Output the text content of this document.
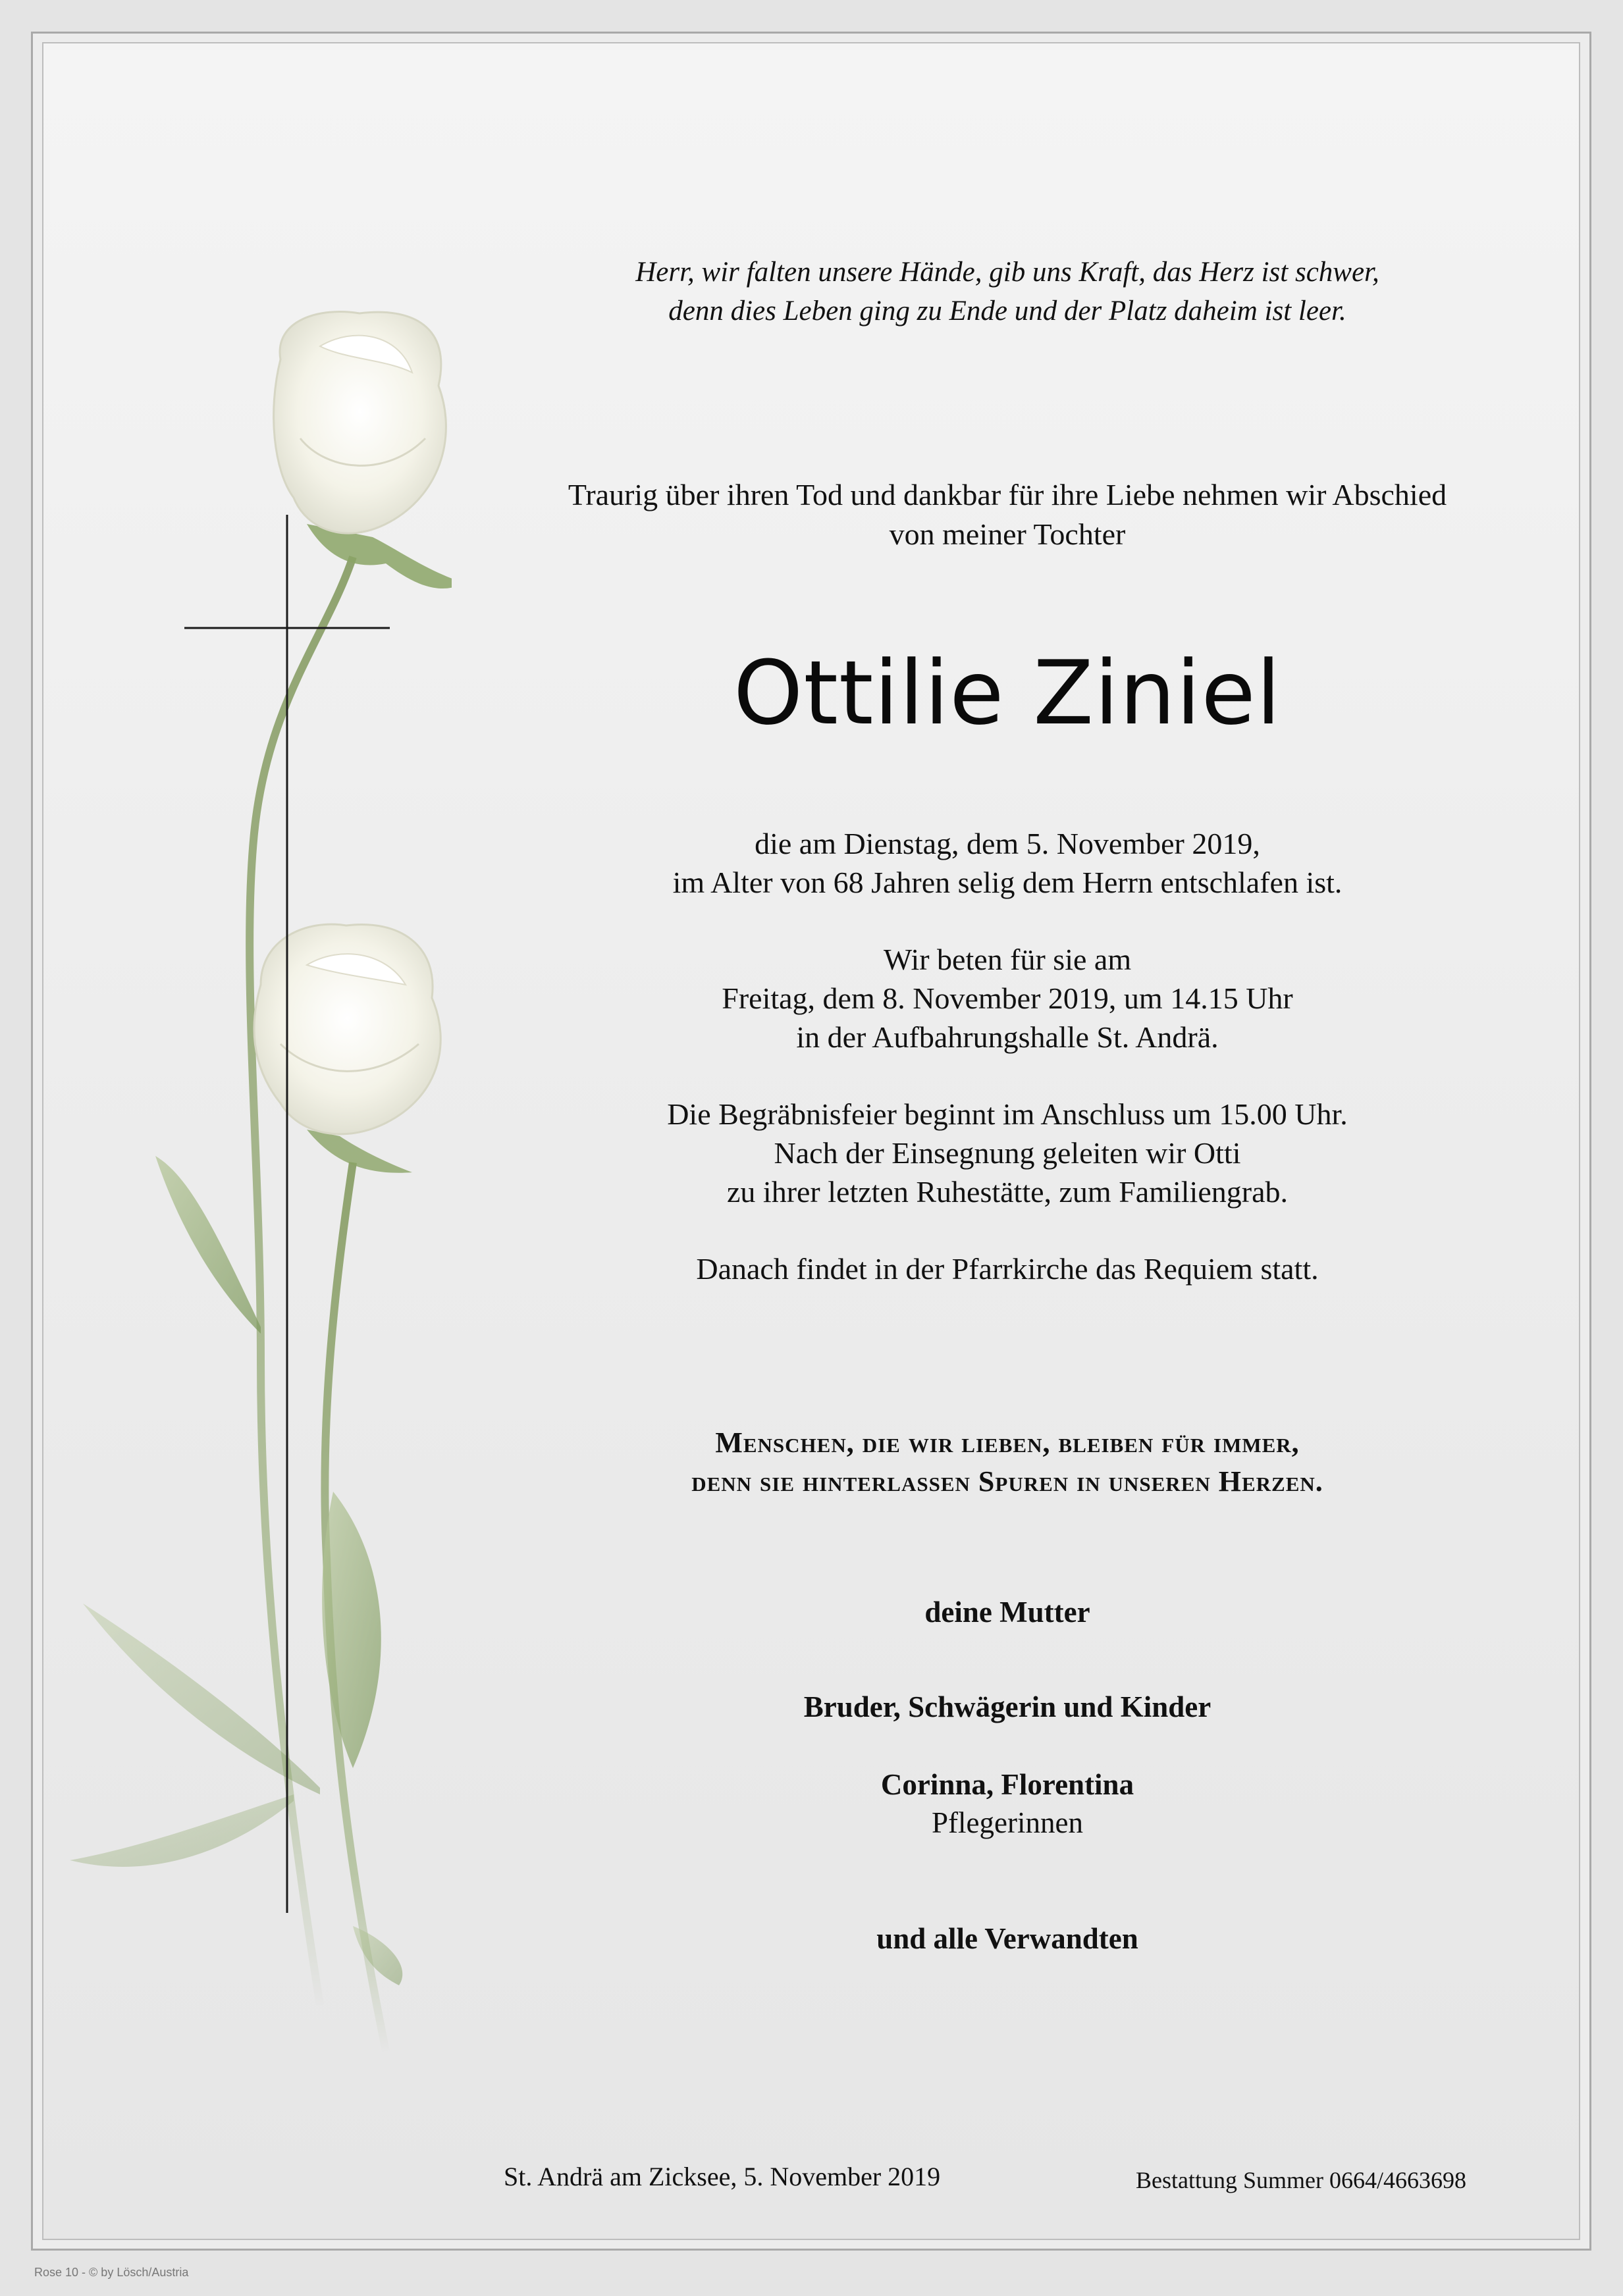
Herr, wir falten unsere Hände, gib uns Kraft, das Herz ist schwer,
denn dies Leben ging zu Ende und der Platz daheim ist leer.
Traurig über ihren Tod und dankbar für ihre Liebe nehmen wir Abschied
von meiner Tochter
Ottilie Ziniel
die am Dienstag, dem 5. November 2019,
im Alter von 68 Jahren selig dem Herrn entschlafen ist.
Wir beten für sie am
Freitag, dem 8. November 2019, um 14.15 Uhr
in der Aufbahrungshalle St. Andrä.
Die Begräbnisfeier beginnt im Anschluss um 15.00 Uhr.
Nach der Einsegnung geleiten wir Otti
zu ihrer letzten Ruhestätte, zum Familiengrab.
Danach findet in der Pfarrkirche das Requiem statt.
Menschen, die wir lieben, bleiben für immer,
denn sie hinterlassen Spuren in unseren Herzen.
deine Mutter
Bruder, Schwägerin und Kinder
Corinna, Florentina
Pflegerinnen
und alle Verwandten
St. Andrä am Zicksee, 5. November 2019	Bestattung Summer 0664/4663698
Rose 10 - © by Lösch/Austria
